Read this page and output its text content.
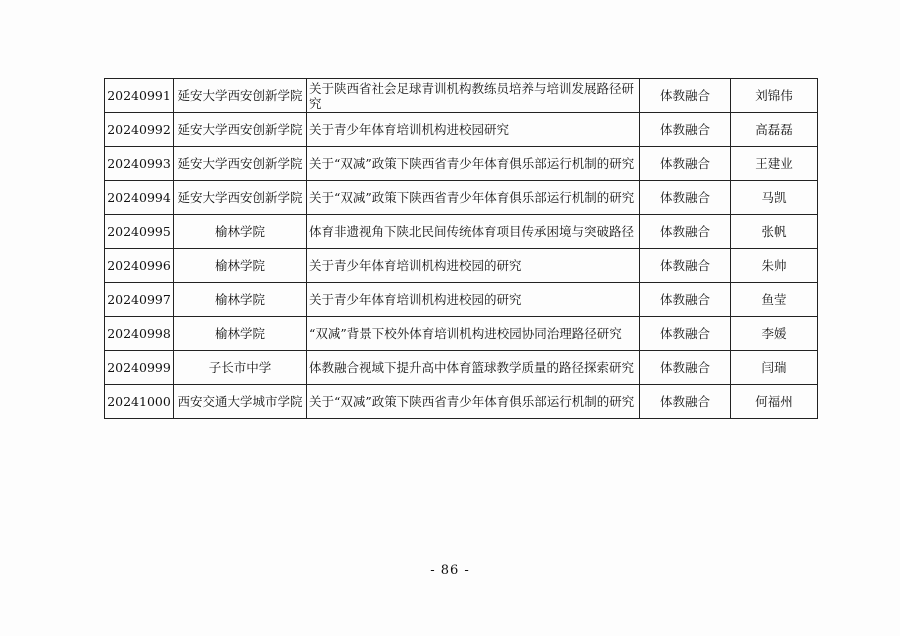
20240991	延安大学西安创新学院	关于陕西省社会足球青训机构教练员培养与培训发展路径研究	体教融合	刘锦伟
20240992	延安大学西安创新学院	关于青少年体育培训机构进校园研究	体教融合	高磊磊
20240993	延安大学西安创新学院	关于“双减”政策下陕西省青少年体育俱乐部运行机制的研究	体教融合	王建业
20240994	延安大学西安创新学院	关于“双减”政策下陕西省青少年体育俱乐部运行机制的研究	体教融合	马凯
20240995	榆林学院	体育非遗视角下陕北民间传统体育项目传承困境与突破路径	体教融合	张帆
20240996	榆林学院	关于青少年体育培训机构进校园的研究	体教融合	朱帅
20240997	榆林学院	关于青少年体育培训机构进校园的研究	体教融合	鱼莹
20240998	榆林学院	“双减”背景下校外体育培训机构进校园协同治理路径研究	体教融合	李媛
20240999	子长市中学	体教融合视域下提升高中体育篮球教学质量的路径探索研究	体教融合	闫瑞
20241000	西安交通大学城市学院	关于“双减”政策下陕西省青少年体育俱乐部运行机制的研究	体教融合	何福州
- 86 -
